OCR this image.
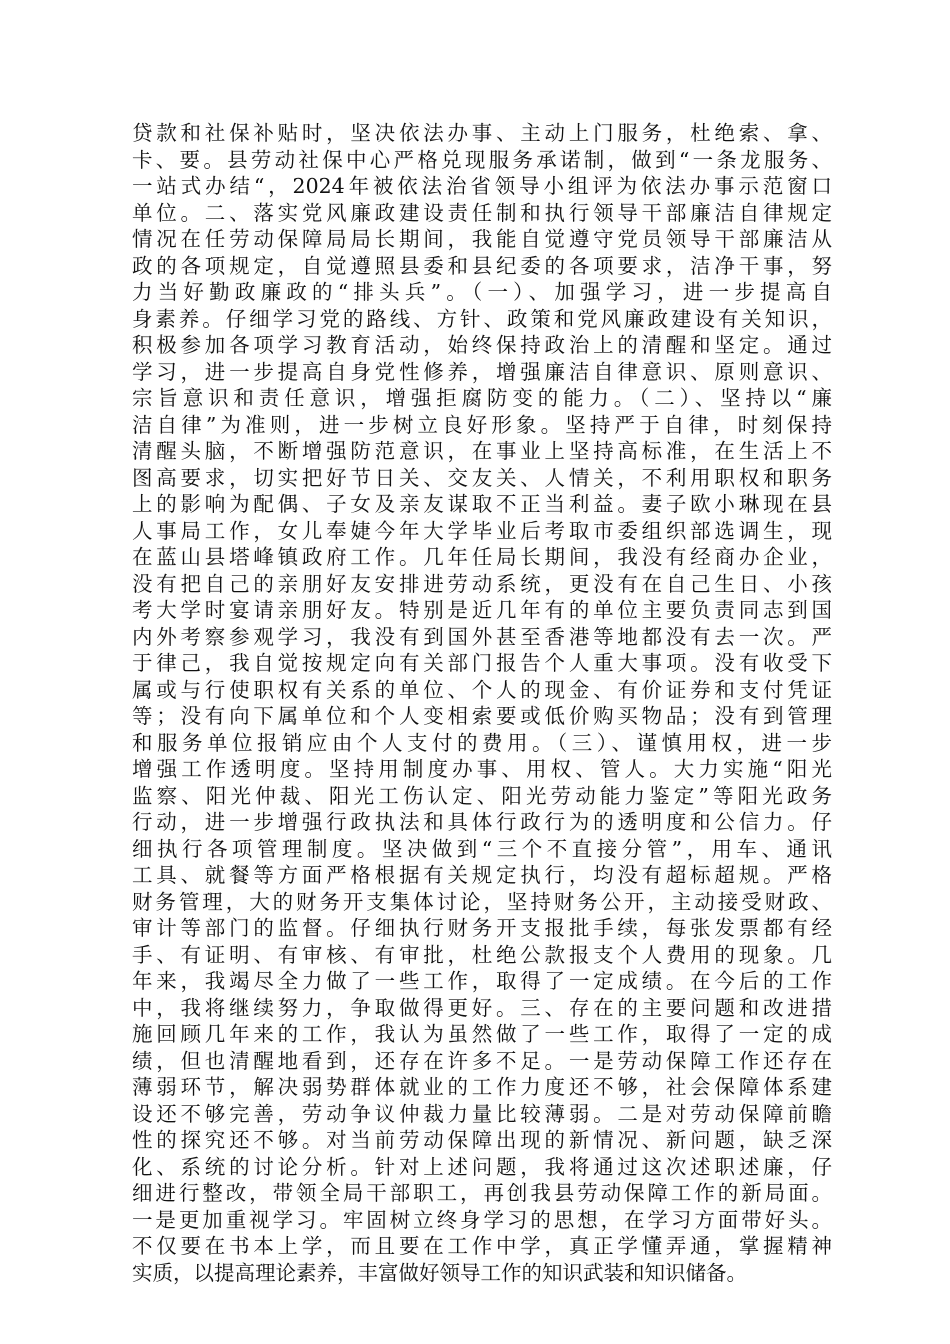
贷款和社保补贴时，坚决依法办事、主动上门服务，杜绝索、拿、
卡、要。县劳动社保中心严格兑现服务承诺制，做到“一条龙服务、
一站式办结“，2024年被依法治省领导小组评为依法办事示范窗口
单位。二、落实党风廉政建设责任制和执行领导干部廉洁自律规定
情况在任劳动保障局局长期间，我能自觉遵守党员领导干部廉洁从
政的各项规定，自觉遵照县委和县纪委的各项要求，洁净干事，努
力当好勤政廉政的“排头兵”。（一）、加强学习，进一步提高自
身素养。仔细学习党的路线、方针、政策和党风廉政建设有关知识，
积极参加各项学习教育活动，始终保持政治上的清醒和坚定。通过
学习，进一步提高自身党性修养，增强廉洁自律意识、原则意识、
宗旨意识和责任意识，增强拒腐防变的能力。（二）、坚持以“廉
洁自律”为准则，进一步树立良好形象。坚持严于自律，时刻保持
清醒头脑，不断增强防范意识，在事业上坚持高标准，在生活上不
图高要求，切实把好节日关、交友关、人情关，不利用职权和职务
上的影响为配偶、子女及亲友谋取不正当利益。妻子欧小琳现在县
人事局工作，女儿奉婕今年大学毕业后考取市委组织部选调生，现
在蓝山县塔峰镇政府工作。几年任局长期间，我没有经商办企业，
没有把自己的亲朋好友安排进劳动系统，更没有在自己生日、小孩
考大学时宴请亲朋好友。特别是近几年有的单位主要负责同志到国
内外考察参观学习，我没有到国外甚至香港等地都没有去一次。严
于律己，我自觉按规定向有关部门报告个人重大事项。没有收受下
属或与行使职权有关系的单位、个人的现金、有价证券和支付凭证
等；没有向下属单位和个人变相索要或低价购买物品；没有到管理
和服务单位报销应由个人支付的费用。（三）、谨慎用权，进一步
增强工作透明度。坚持用制度办事、用权、管人。大力实施“阳光
监察、阳光仲裁、阳光工伤认定、阳光劳动能力鉴定”等阳光政务
行动，进一步增强行政执法和具体行政行为的透明度和公信力。仔
细执行各项管理制度。坚决做到“三个不直接分管”，用车、通讯
工具、就餐等方面严格根据有关规定执行，均没有超标超规。严格
财务管理，大的财务开支集体讨论，坚持财务公开，主动接受财政、
审计等部门的监督。仔细执行财务开支报批手续，每张发票都有经
手、有证明、有审核、有审批，杜绝公款报支个人费用的现象。几
年来，我竭尽全力做了一些工作，取得了一定成绩。在今后的工作
中，我将继续努力，争取做得更好。三、存在的主要问题和改进措
施回顾几年来的工作，我认为虽然做了一些工作，取得了一定的成
绩，但也清醒地看到，还存在许多不足。一是劳动保障工作还存在
薄弱环节，解决弱势群体就业的工作力度还不够，社会保障体系建
设还不够完善，劳动争议仲裁力量比较薄弱。二是对劳动保障前瞻
性的探究还不够。对当前劳动保障出现的新情况、新问题，缺乏深
化、系统的讨论分析。针对上述问题，我将通过这次述职述廉，仔
细进行整改，带领全局干部职工，再创我县劳动保障工作的新局面。
一是更加重视学习。牢固树立终身学习的思想，在学习方面带好头。
不仅要在书本上学，而且要在工作中学，真正学懂弄通，掌握精神
实质，以提高理论素养，丰富做好领导工作的知识武装和知识储备。
